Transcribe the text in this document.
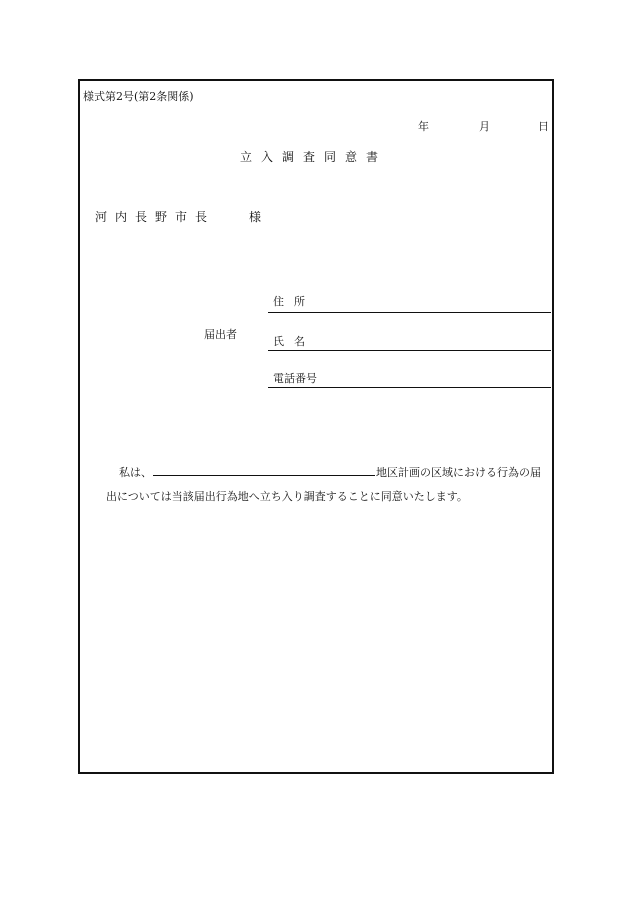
様式第2号(第2条関係)
年	月	日
立入調査同意書
河内長野市長	様
届出者
住所
氏名
電話番号
私は、	地区計画の区域における行為の届
出については当該届出行為地へ立ち入り調査することに同意いたします。
